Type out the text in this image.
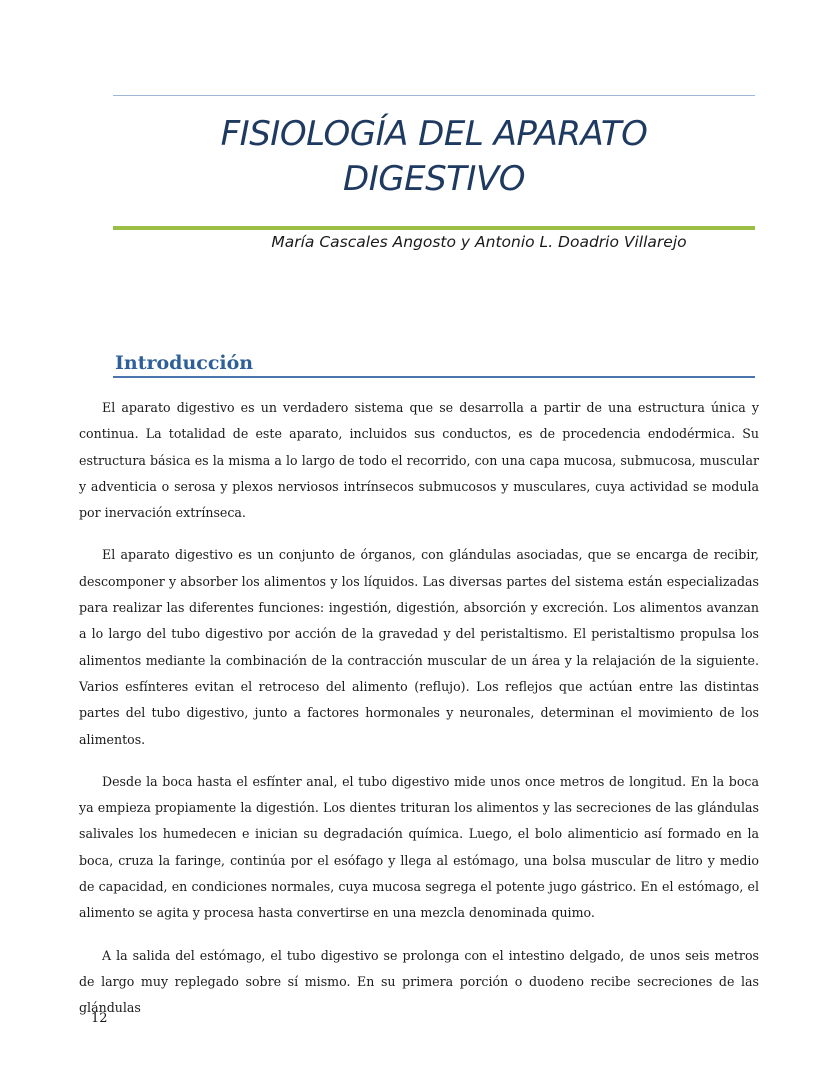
FISIOLOGÍA DEL APARATO
DIGESTIVO
María Cascales Angosto y Antonio L. Doadrio Villarejo
Introducción

El aparato digestivo es un verdadero sistema que se desarrolla a partir de una estructura única y continua. La totalidad de este aparato, incluidos sus conductos, es de procedencia endodérmica. Su estructura básica es la misma a lo largo de todo el recorrido, con una capa mucosa, submucosa, muscular y adventicia o serosa y plexos nerviosos intrínsecos submucosos y musculares, cuya actividad se modula por inervación extrínseca.

El aparato digestivo es un conjunto de órganos, con glándulas asociadas, que se encarga de recibir, descomponer y absorber los alimentos y los líquidos. Las diversas partes del sistema están especializadas para realizar las diferentes funciones: ingestión, digestión, absorción y excreción. Los alimentos avanzan a lo largo del tubo digestivo por acción de la gravedad y del peristaltismo. El peristaltismo propulsa los alimentos mediante la combinación de la contracción muscular de un área y la relajación de la siguiente. Varios esfínteres evitan el retroceso del alimento (reflujo). Los reflejos que actúan entre las distintas partes del tubo digestivo, junto a factores hormonales y neuronales, determinan el movimiento de los alimentos.

Desde la boca hasta el esfínter anal, el tubo digestivo mide unos once metros de longitud. En la boca ya empieza propiamente la digestión. Los dientes trituran los alimentos y las secreciones de las glándulas salivales los humedecen e inician su degradación química. Luego, el bolo alimenticio así formado en la boca, cruza la faringe, continúa por el esófago y llega al estómago, una bolsa muscular de litro y medio de capacidad, en condiciones normales, cuya mucosa segrega el potente jugo gástrico. En el estómago, el alimento se agita y procesa hasta convertirse en una mezcla denominada quimo.

A la salida del estómago, el tubo digestivo se prolonga con el intestino delgado, de unos seis metros de largo muy replegado sobre sí mismo. En su primera porción o duodeno recibe secreciones de las glándulas

12
